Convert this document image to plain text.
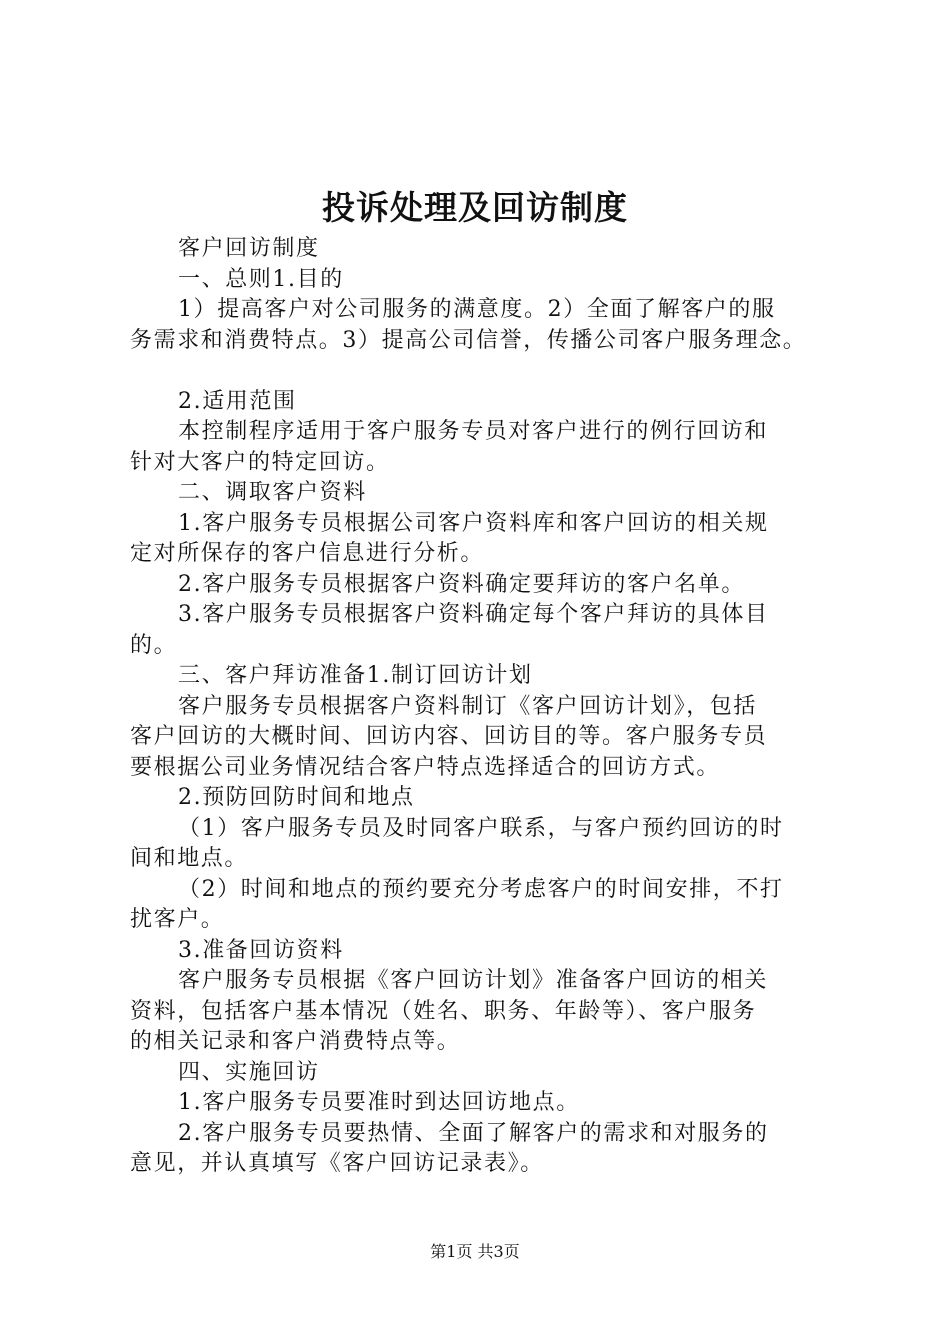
投诉处理及回访制度
客户回访制度
一、总则1.目的
1）提高客户对公司服务的满意度。2）全面了解客户的服
务需求和消费特点。3）提高公司信誉，传播公司客户服务理念。
2.适用范围
本控制程序适用于客户服务专员对客户进行的例行回访和
针对大客户的特定回访。
二、调取客户资料
1.客户服务专员根据公司客户资料库和客户回访的相关规
定对所保存的客户信息进行分析。
2.客户服务专员根据客户资料确定要拜访的客户名单。
3.客户服务专员根据客户资料确定每个客户拜访的具体目
的。
三、客户拜访准备1.制订回访计划
客户服务专员根据客户资料制订《客户回访计划》，包括
客户回访的大概时间、回访内容、回访目的等。客户服务专员
要根据公司业务情况结合客户特点选择适合的回访方式。
2.预防回防时间和地点
（1）客户服务专员及时同客户联系，与客户预约回访的时
间和地点。
（2）时间和地点的预约要充分考虑客户的时间安排，不打
扰客户。
3.准备回访资料
客户服务专员根据《客户回访计划》准备客户回访的相关
资料，包括客户基本情况（姓名、职务、年龄等）、客户服务
的相关记录和客户消费特点等。
四、实施回访
1.客户服务专员要准时到达回访地点。
2.客户服务专员要热情、全面了解客户的需求和对服务的
意见，并认真填写《客户回访记录表》。
第1页 共3页
